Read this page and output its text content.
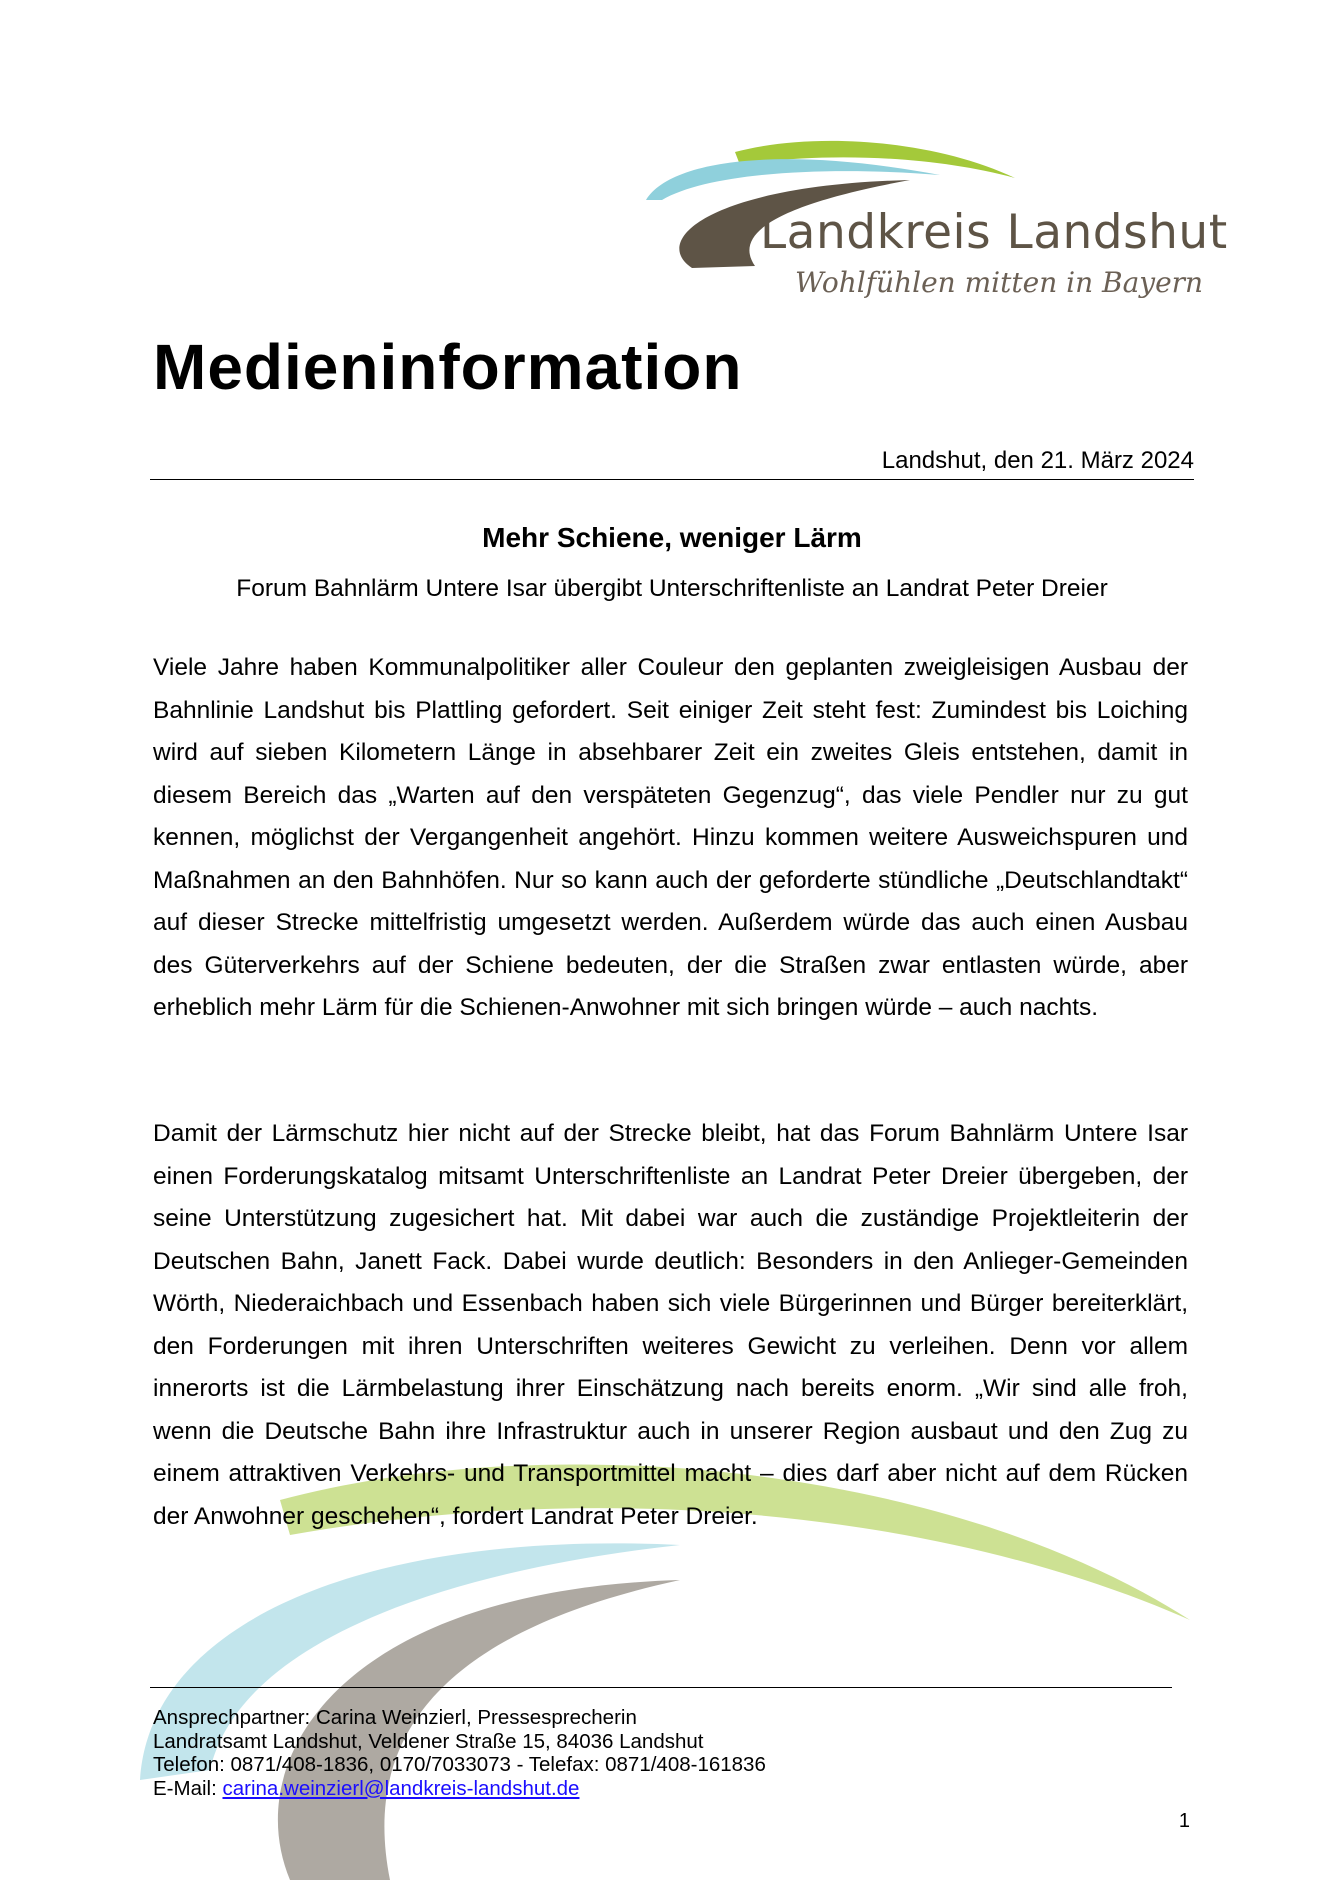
Landkreis Landshut
Wohlfühlen mitten in Bayern
Medieninformation
Landshut, den 21. März 2024
Mehr Schiene, weniger Lärm
Forum Bahnlärm Untere Isar übergibt Unterschriftenliste an Landrat Peter Dreier

Viele Jahre haben Kommunalpolitiker aller Couleur den geplanten zweigleisigen Ausbau der Bahnlinie Landshut bis Plattling gefordert. Seit einiger Zeit steht fest: Zumindest bis Loiching wird auf sieben Kilometern Länge in absehbarer Zeit ein zweites Gleis entstehen, damit in diesem Bereich das „Warten auf den verspäteten Gegenzug“, das viele Pendler nur zu gut kennen, möglichst der Vergangenheit angehört. Hinzu kommen weitere Ausweichspuren und Maßnahmen an den Bahnhöfen. Nur so kann auch der geforderte stündliche „Deutschlandtakt“ auf dieser Strecke mittelfristig umgesetzt werden. Außerdem würde das auch einen Ausbau des Güterverkehrs auf der Schiene bedeuten, der die Straßen zwar entlasten würde, aber erheblich mehr Lärm für die Schienen-Anwohner mit sich bringen würde – auch nachts.

Damit der Lärmschutz hier nicht auf der Strecke bleibt, hat das Forum Bahnlärm Untere Isar einen Forderungskatalog mitsamt Unterschriftenliste an Landrat Peter Dreier übergeben, der seine Unterstützung zugesichert hat. Mit dabei war auch die zuständige Projektleiterin der Deutschen Bahn, Janett Fack. Dabei wurde deutlich: Besonders in den Anlieger-Gemeinden Wörth, Niederaichbach und Essenbach haben sich viele Bürgerinnen und Bürger bereiterklärt, den Forderungen mit ihren Unterschriften weiteres Gewicht zu verleihen. Denn vor allem innerorts ist die Lärmbelastung ihrer Einschätzung nach bereits enorm. „Wir sind alle froh, wenn die Deutsche Bahn ihre Infrastruktur auch in unserer Region ausbaut und den Zug zu einem attraktiven Verkehrs- und Transportmittel macht – dies darf aber nicht auf dem Rücken der Anwohner geschehen“, fordert Landrat Peter Dreier.

Ansprechpartner: Carina Weinzierl, Pressesprecherin
Landratsamt Landshut, Veldener Straße 15, 84036 Landshut
Telefon: 0871/408-1836, 0170/7033073 - Telefax: 0871/408-161836
E-Mail: carina.weinzierl@landkreis-landshut.de
1
